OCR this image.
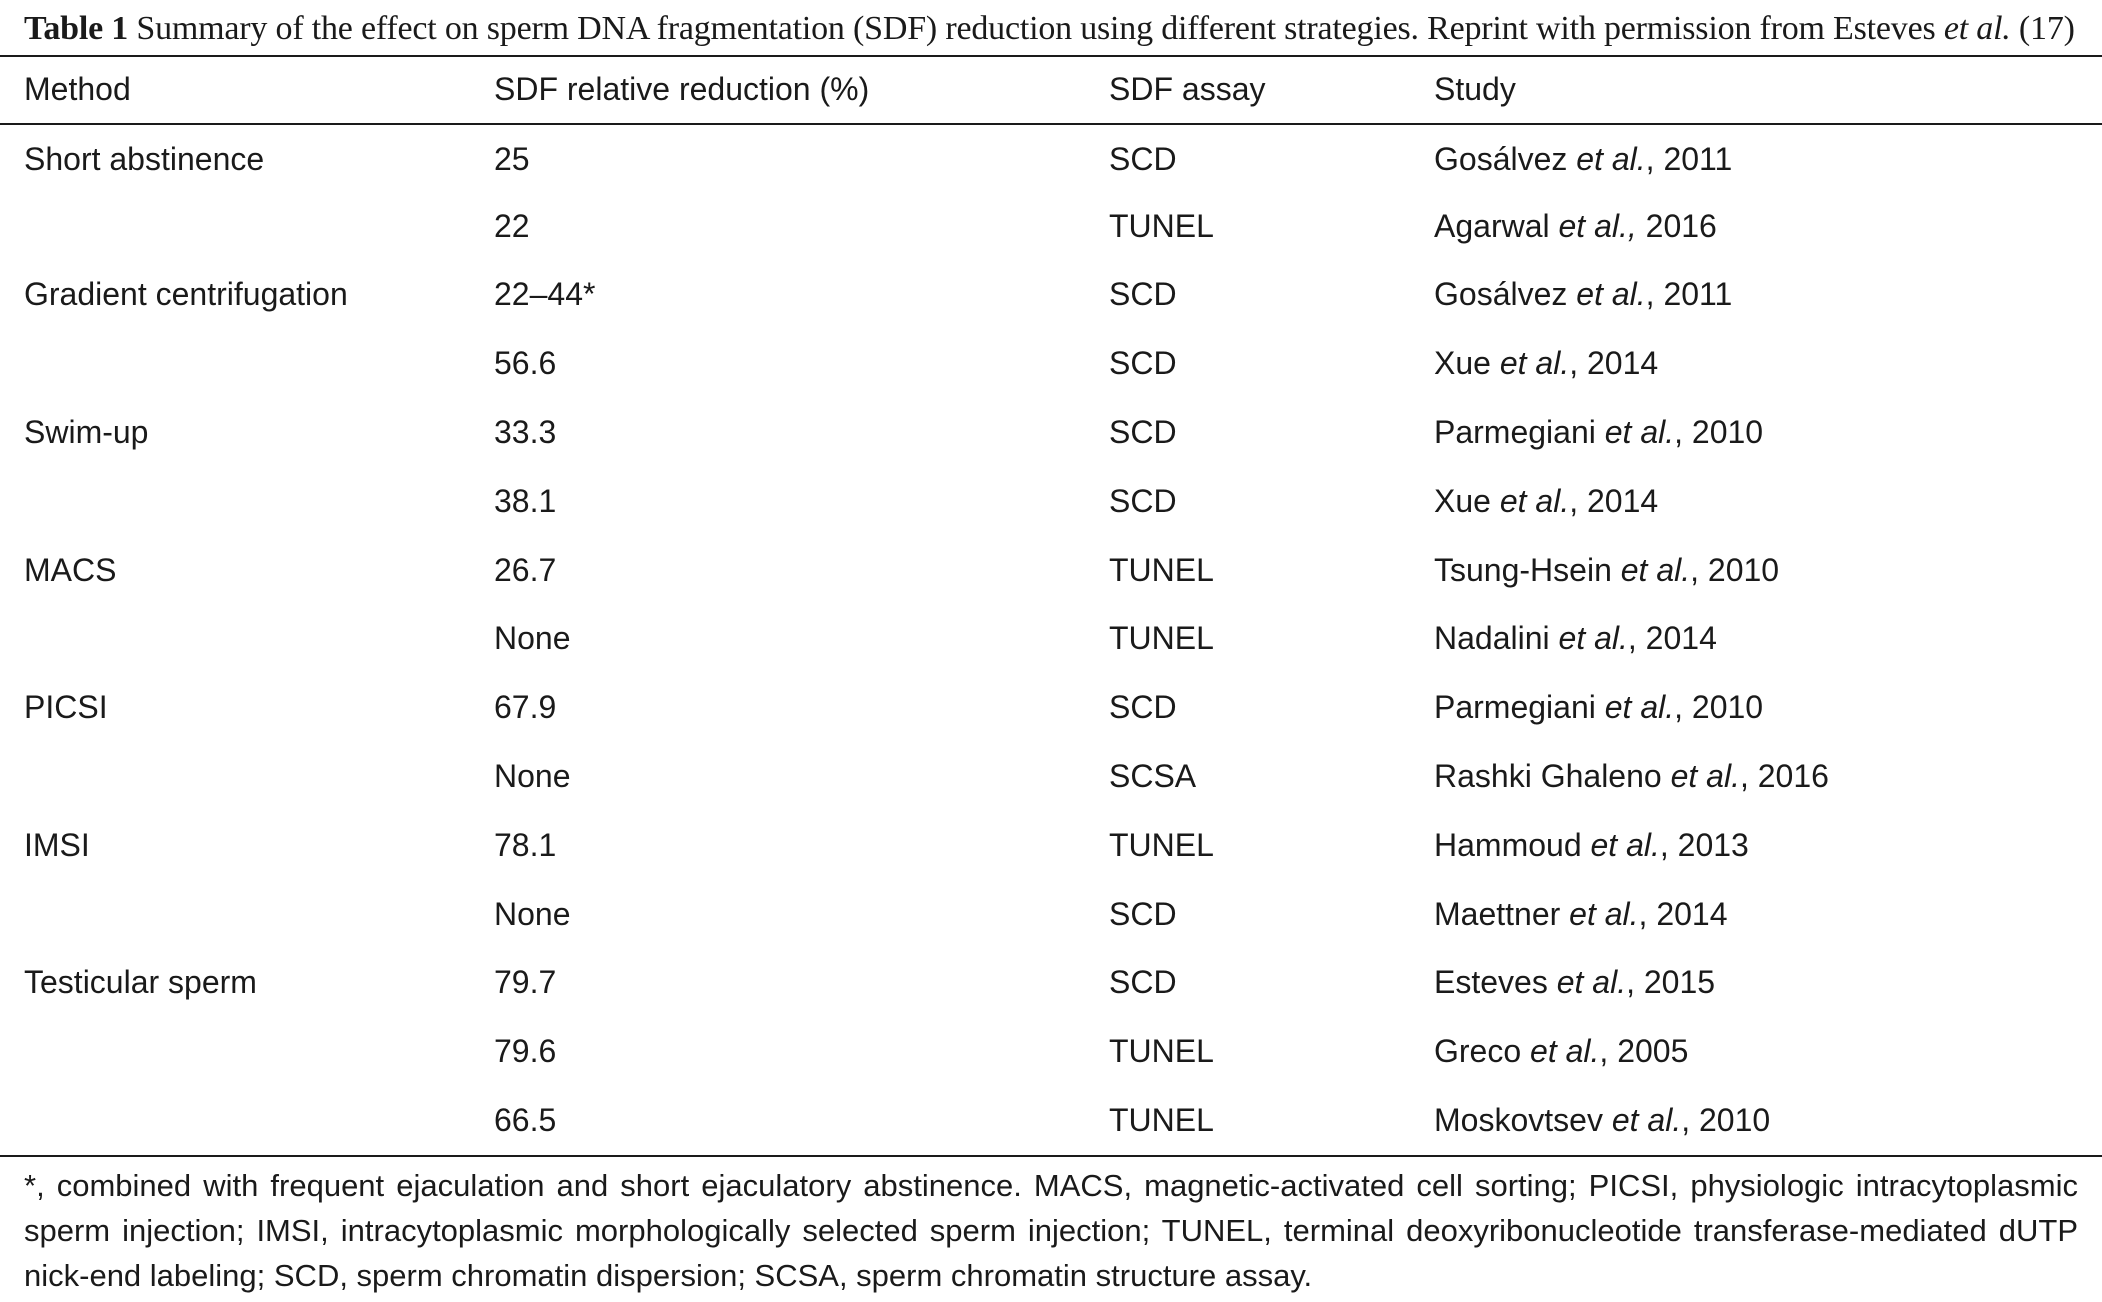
Table 1 Summary of the effect on sperm DNA fragmentation (SDF) reduction using different strategies. Reprint with permission from Esteves et al. (17)
Method	SDF relative reduction (%)	SDF assay	Study
Short abstinence	25	SCD	Gosálvez et al., 2011
	22	TUNEL	Agarwal et al., 2016
Gradient centrifugation	22–44*	SCD	Gosálvez et al., 2011
	56.6	SCD	Xue et al., 2014
Swim-up	33.3	SCD	Parmegiani et al., 2010
	38.1	SCD	Xue et al., 2014
MACS	26.7	TUNEL	Tsung-Hsein et al., 2010
	None	TUNEL	Nadalini et al., 2014
PICSI	67.9	SCD	Parmegiani et al., 2010
	None	SCSA	Rashki Ghaleno et al., 2016
IMSI	78.1	TUNEL	Hammoud et al., 2013
	None	SCD	Maettner et al., 2014
Testicular sperm	79.7	SCD	Esteves et al., 2015
	79.6	TUNEL	Greco et al., 2005
	66.5	TUNEL	Moskovtsev et al., 2010
*, combined with frequent ejaculation and short ejaculatory abstinence. MACS, magnetic-activated cell sorting; PICSI, physiologic intracytoplasmic sperm injection; IMSI, intracytoplasmic morphologically selected sperm injection; TUNEL, terminal deoxyribonucleotide transferase-mediated dUTP nick-end labeling; SCD, sperm chromatin dispersion; SCSA, sperm chromatin structure assay.
